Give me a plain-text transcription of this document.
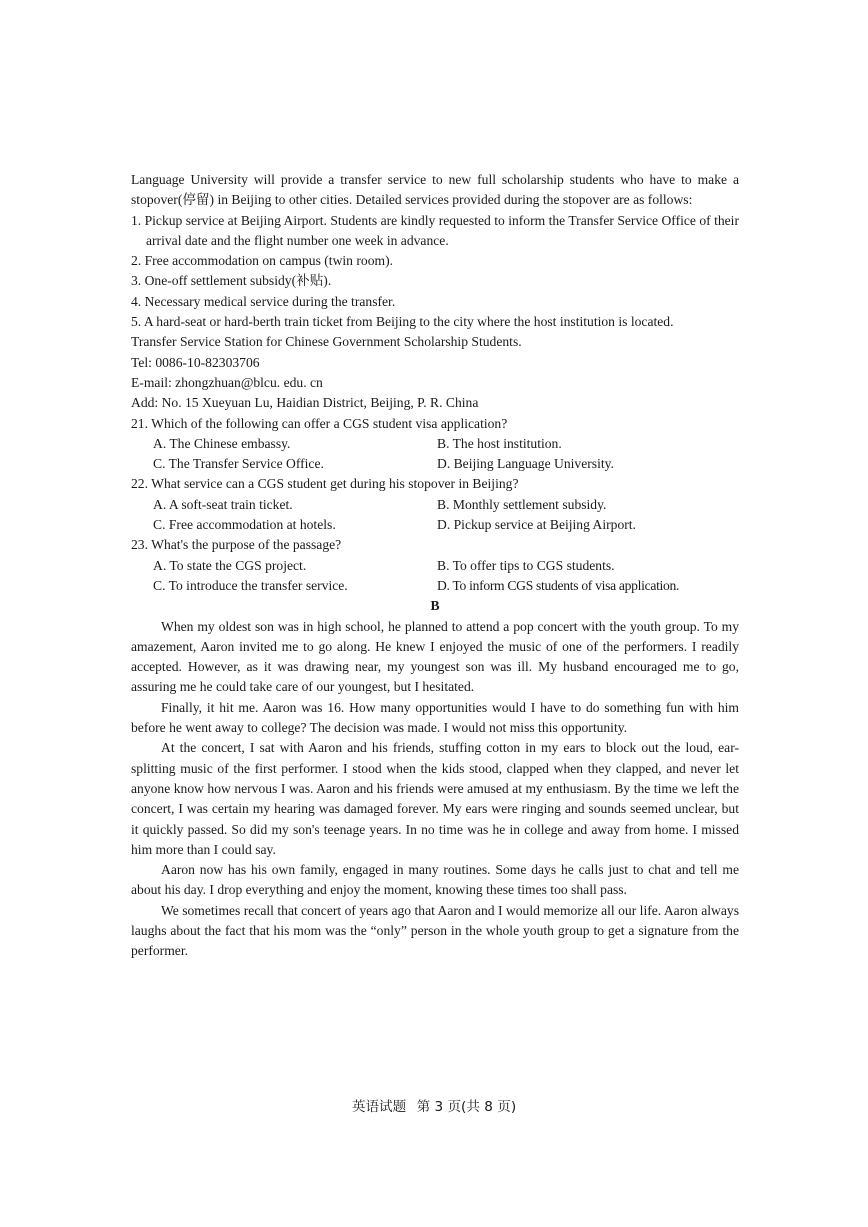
Language University will provide a transfer service to new full scholarship students who have to make a stopover(停留) in Beijing to other cities. Detailed services provided during the stopover are as follows:

1. Pickup service at Beijing Airport. Students are kindly requested to inform the Transfer Service Office of their arrival date and the flight number one week in advance.

2. Free accommodation on campus (twin room).

3. One-off settlement subsidy(补贴).

4. Necessary medical service during the transfer.

5. A hard-seat or hard-berth train ticket from Beijing to the city where the host institution is located.

Transfer Service Station for Chinese Government Scholarship Students.

Tel: 0086-10-82303706

E-mail: zhongzhuan@blcu. edu. cn

Add: No. 15 Xueyuan Lu, Haidian District, Beijing, P. R. China

21. Which of the following can offer a CGS student visa application?

A. The Chinese embassy.	B. The host institution.
C. The Transfer Service Office.	D. Beijing Language University.

22. What service can a CGS student get during his stopover in Beijing?

A. A soft-seat train ticket.	B. Monthly settlement subsidy.
C. Free accommodation at hotels.	D. Pickup service at Beijing Airport.

23. What's the purpose of the passage?

A. To state the CGS project.	B. To offer tips to CGS students.
C. To introduce the transfer service.	D. To inform CGS students of visa application.

B

When my oldest son was in high school, he planned to attend a pop concert with the youth group. To my amazement, Aaron invited me to go along. He knew I enjoyed the music of one of the performers. I readily accepted. However, as it was drawing near, my youngest son was ill. My husband encouraged me to go, assuring me he could take care of our youngest, but I hesitated.

Finally, it hit me. Aaron was 16. How many opportunities would I have to do something fun with him before he went away to college? The decision was made. I would not miss this opportunity.

At the concert, I sat with Aaron and his friends, stuffing cotton in my ears to block out the loud, ear-splitting music of the first performer. I stood when the kids stood, clapped when they clapped, and never let anyone know how nervous I was. Aaron and his friends were amused at my enthusiasm. By the time we left the concert, I was certain my hearing was damaged forever. My ears were ringing and sounds seemed unclear, but it quickly passed. So did my son's teenage years. In no time was he in college and away from home. I missed him more than I could say.

Aaron now has his own family, engaged in many routines. Some days he calls just to chat and tell me about his day. I drop everything and enjoy the moment, knowing these times too shall pass.

We sometimes recall that concert of years ago that Aaron and I would memorize all our life. Aaron always laughs about the fact that his mom was the “only” person in the whole youth group to get a signature from the performer.

英语试题 第 3 页(共 8 页)
